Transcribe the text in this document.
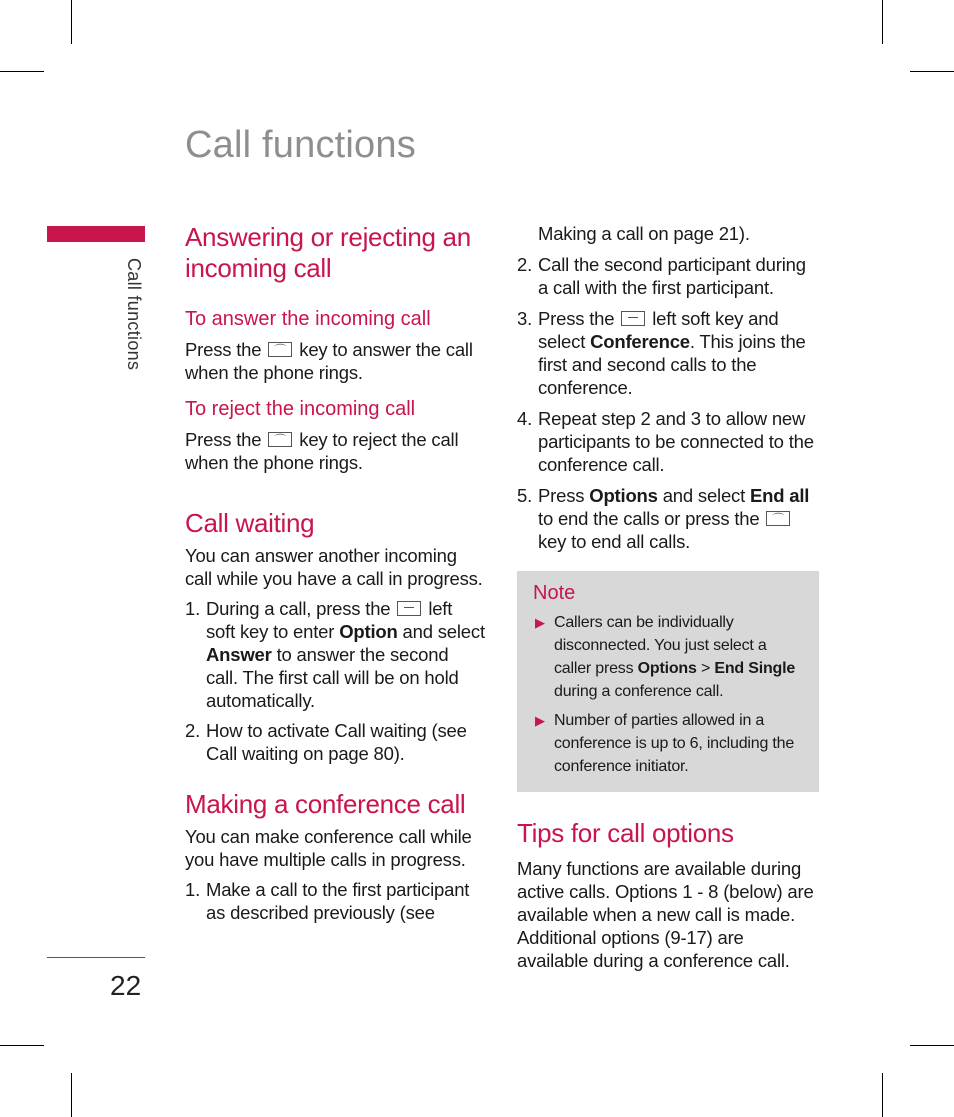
Call functions
Call functions
22
Answering or rejecting an incoming call
To answer the incoming call

Press the ⌒ key to answer the call when the phone rings.

To reject the incoming call

Press the ⌒ key to reject the call when the phone rings.

Call waiting

You can answer another incoming call while you have a call in progress.

1. During a call, press the left soft key to enter Option and select Answer to answer the second call. The first call will be on hold automatically.
2. How to activate Call waiting (see Call waiting on page 80).
Making a conference call

You can make conference call while you have multiple calls in progress.

1. Make a call to the first participant as described previously (see
Making a call on page 21).
2. Call the second participant during a call with the first participant.
3. Press the left soft key and select Conference. This joins the first and second calls to the conference.
4. Repeat step 2 and 3 to allow new participants to be connected to the conference call.
5. Press Options and select End all to end the calls or press the ⌒ key to end all calls.
Note
▶ Callers can be individually disconnected. You just select a caller press Options > End Single during a conference call.
▶ Number of parties allowed in a conference is up to 6, including the conference initiator.
Tips for call options

Many functions are available during active calls. Options 1 - 8 (below) are available when a new call is made. Additional options (9-17) are available during a conference call.
